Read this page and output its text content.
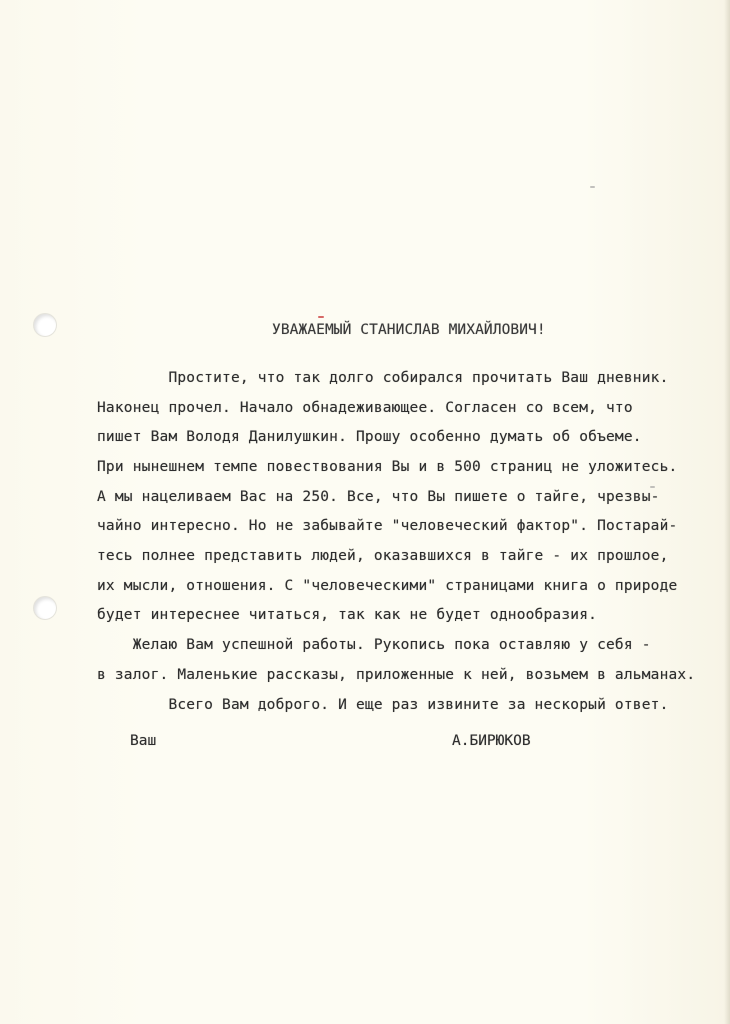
УВАЖАЕМЫЙ СТАНИСЛАВ МИХАЙЛОВИЧ!
Простите, что так долго собирался прочитать Ваш дневник.
Наконец прочел. Начало обнадеживающее. Согласен со всем, что
пишет Вам Володя Данилушкин. Прошу особенно думать об объеме.
При нынешнем темпе повествования Вы и в 500 страниц не уложитесь.
А мы нацеливаем Вас на 250. Все, что Вы пишете о тайге, чрезвы-
чайно интересно. Но не забывайте "человеческий фактор". Постарай-
тесь полнее представить людей, оказавшихся в тайге - их прошлое,
их мысли, отношения. С "человеческими" страницами книга о природе
будет интереснее читаться, так как не будет однообразия.
Желаю Вам успешной работы. Рукопись пока оставляю у себя -
в залог. Маленькие рассказы, приложенные к ней, возьмем в альманах.
Всего Вам доброго. И еще раз извините за нескорый ответ.
Ваш	А.БИРЮКОВ
